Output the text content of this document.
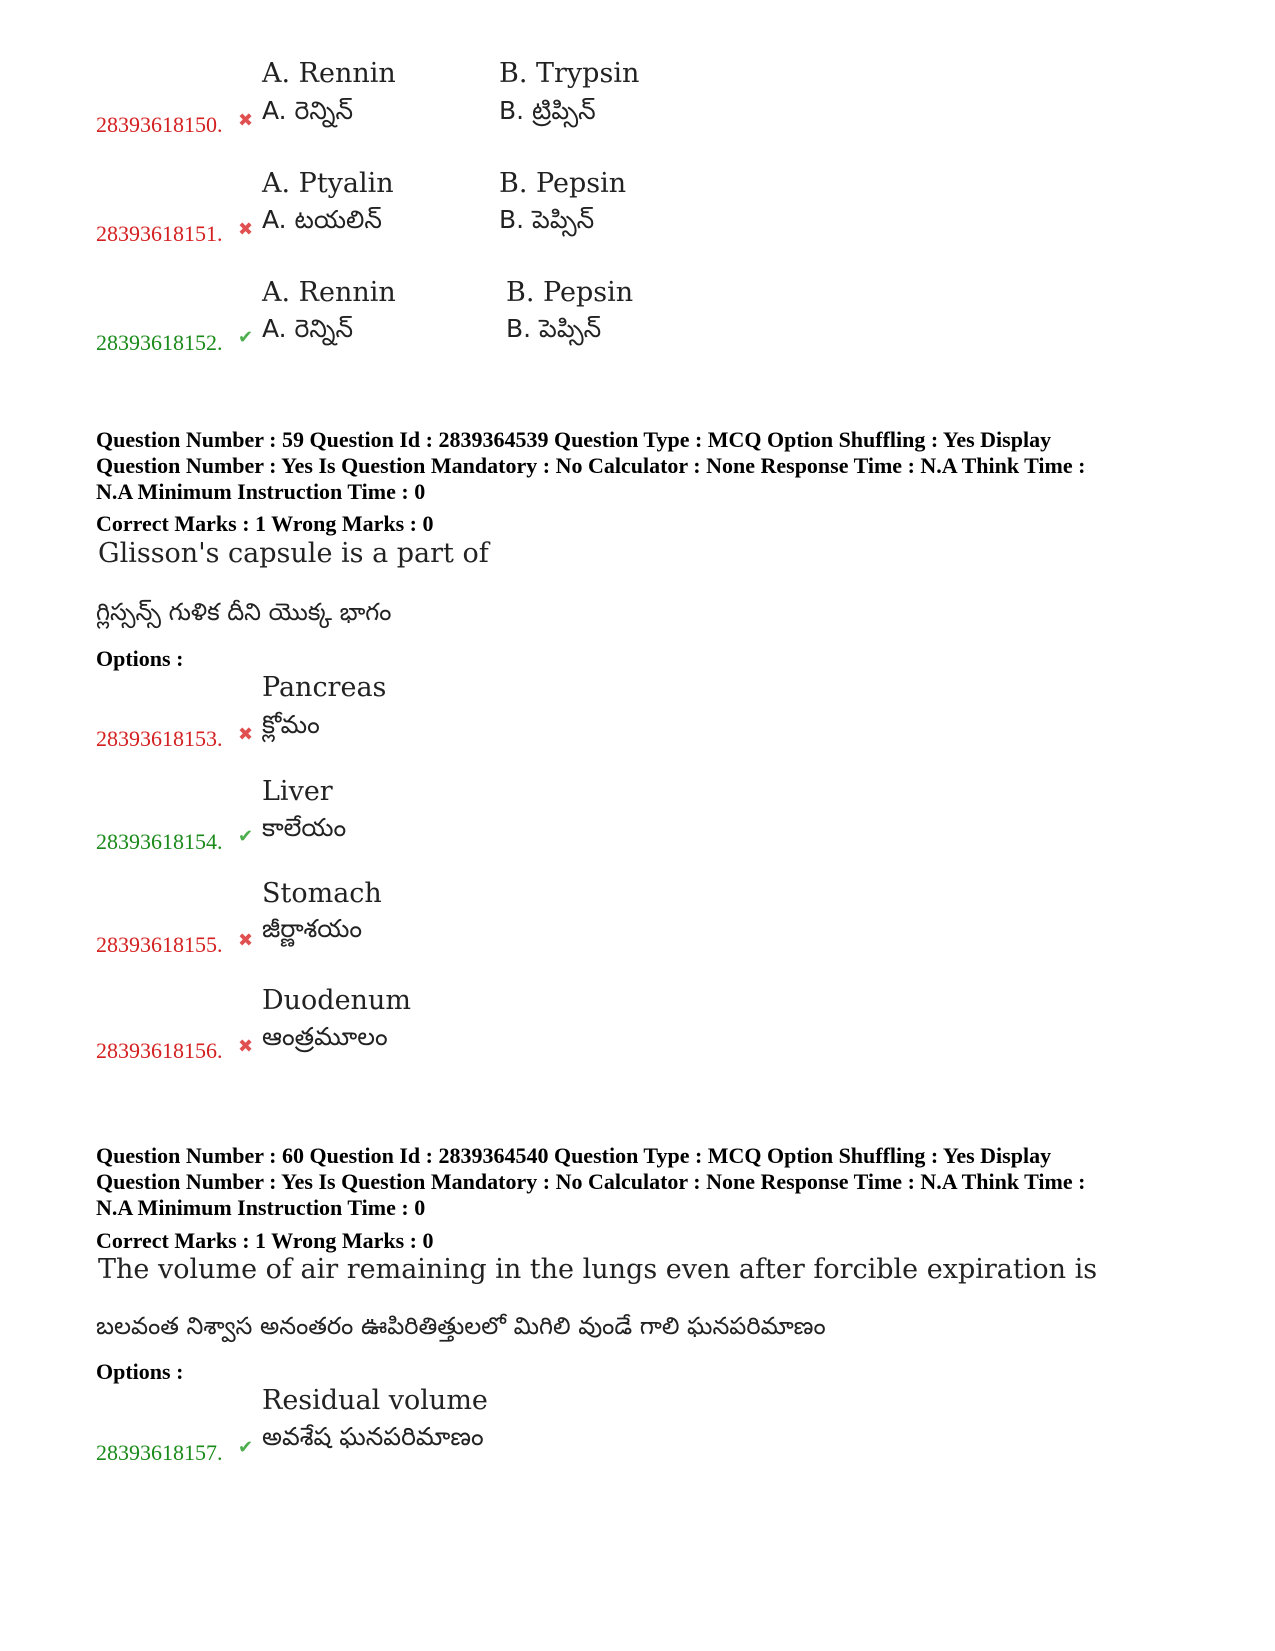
A. Rennin	B. Trypsin
28393618150. ✖ A. రెన్నిన్	B. ట్రిప్సిన్
A. Ptyalin	B. Pepsin
28393618151. ✖ A. టయలిన్	B. పెప్సిన్
A. Rennin	B. Pepsin
28393618152. ✔ A. రెన్నిన్	B. పెప్సిన్
Question Number : 59 Question Id : 2839364539 Question Type : MCQ Option Shuffling : Yes Display
Question Number : Yes Is Question Mandatory : No Calculator : None Response Time : N.A Think Time :
N.A Minimum Instruction Time : 0
Correct Marks : 1 Wrong Marks : 0
Glisson's capsule is a part of
గ్లిస్సన్స్ గుళిక దీని యొక్క భాగం
Options :
Pancreas
28393618153. ✖ క్లోమం
Liver
28393618154. ✔ కాలేయం
Stomach
28393618155. ✖ జీర్ణాశయం
Duodenum
28393618156. ✖ ఆంత్రమూలం
Question Number : 60 Question Id : 2839364540 Question Type : MCQ Option Shuffling : Yes Display
Question Number : Yes Is Question Mandatory : No Calculator : None Response Time : N.A Think Time :
N.A Minimum Instruction Time : 0
Correct Marks : 1 Wrong Marks : 0
The volume of air remaining in the lungs even after forcible expiration is
బలవంత నిశ్వాస అనంతరం ఊపిరితిత్తులలో మిగిలి వుండే గాలి ఘనపరిమాణం
Options :
Residual volume
28393618157. ✔ అవశేష ఘనపరిమాణం
